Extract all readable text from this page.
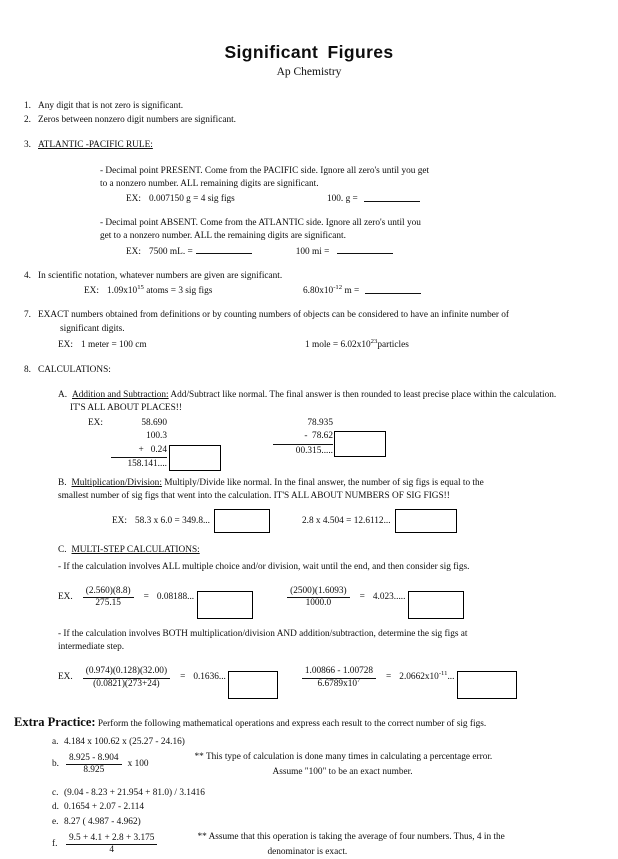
Significant Figures
Ap Chemistry
1. Any digit that is not zero is significant.
2. Zeros between nonzero digit numbers are significant.
3. ATLANTIC -PACIFIC RULE:
- Decimal point PRESENT. Come from the PACIFIC side. Ignore all zero's until you get
to a nonzero number. ALL remaining digits are significant.
EX: 0.007150 g = 4 sig figs	100. g =
- Decimal point ABSENT. Come from the ATLANTIC side. Ignore all zero's until you
get to a nonzero number. ALL the remaining digits are significant.
EX: 7500 mL. =	100 mi =
4. In scientific notation, whatever numbers are given are significant.
EX: $1.09x10^{15}$ atoms = 3 sig figs	$6.80x10^{-12}$ m =
7. EXACT numbers obtained from definitions or by counting numbers of objects can be considered to have an infinite number of
significant digits.
EX: 1 meter = 100 cm	1 mole = $6.02x10^{23}particles$
8. CALCULATIONS:
A. Addition and Subtraction: Add/Subtract like normal. The final answer is then rounded to least precise place within the calculation.
IT'S ALL ABOUT PLACES!!
EX:	58.690
100.3
+   0.24
158.141....
78.935
-  78.62
00.315.....
B. Multiplication/Division: Multiply/Divide like normal. In the final answer, the number of sig figs is equal to the
smallest number of sig figs that went into the calculation. IT'S ALL ABOUT NUMBERS OF SIG FIGS!!
EX: 58.3 x 6.0 = 349.8...	2.8 x 4.504 = 12.6112...
C. MULTI-STEP CALCULATIONS:
- If the calculation involves ALL multiple choice and/or division, wait until the end, and then consider sig figs.
EX. $\frac{(2.560)(8.8)}{275.15} = 0.08188$...	$\frac{(2500)(1.6093)}{1000.0} = 4.023$.....
- If the calculation involves BOTH multiplication/division AND addition/subtraction, determine the sig figs at
intermediate step.
EX. $\frac{(0.974)(0.128)(32.00)}{(0.0821)(273+24)} = 0.1636$...	$\frac{1.00866 - 1.00728}{6.6789x10^7} = 2.0662x10^{-11}$...
Extra Practice: Perform the following mathematical operations and express each result to the correct number of sig figs.
a. 4.184 x 100.62 x (25.27 - 24.16)
b. $\frac{8.925 - 8.904}{8.925}$ x 100
** This type of calculation is done many times in calculating a percentage error.
Assume "100" to be an exact number.
c. (9.04 - 8.23 + 21.954 + 81.0) / 3.1416
d. 0.1654 + 2.07 - 2.114
e. 8.27 ( 4.987 - 4.962)
f. $\frac{9.5 + 4.1 + 2.8 + 3.175}{4}$	** Assume that this operation is taking the average of four numbers. Thus, 4 in the
denominator is exact.
